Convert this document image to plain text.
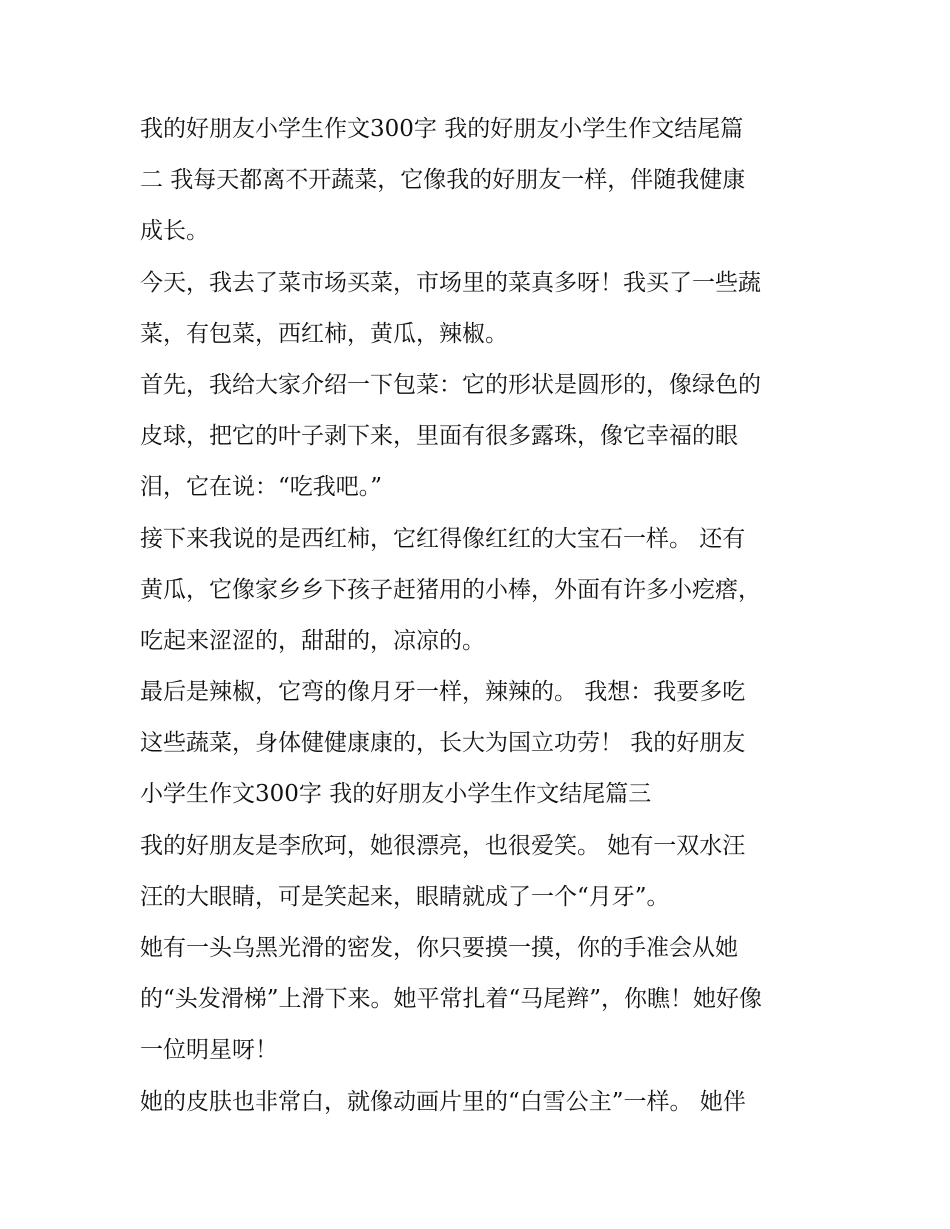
我的好朋友小学生作文300字 我的好朋友小学生作文结尾篇
二 我每天都离不开蔬菜，它像我的好朋友一样，伴随我健康
成长。
今天，我去了菜市场买菜，市场里的菜真多呀！我买了一些蔬
菜，有包菜，西红柿，黄瓜，辣椒。
首先，我给大家介绍一下包菜：它的形状是圆形的，像绿色的
皮球，把它的叶子剥下来，里面有很多露珠，像它幸福的眼
泪，它在说：“吃我吧。”
接下来我说的是西红柿，它红得像红红的大宝石一样。 还有
黄瓜，它像家乡乡下孩子赶猪用的小棒，外面有许多小疙瘩，
吃起来涩涩的，甜甜的，凉凉的。
最后是辣椒，它弯的像月牙一样，辣辣的。 我想：我要多吃
这些蔬菜，身体健健康康的，长大为国立功劳！ 我的好朋友
小学生作文300字 我的好朋友小学生作文结尾篇三
我的好朋友是李欣珂，她很漂亮，也很爱笑。 她有一双水汪
汪的大眼睛，可是笑起来，眼睛就成了一个“月牙”。
她有一头乌黑光滑的密发，你只要摸一摸，你的手准会从她
的“头发滑梯”上滑下来。她平常扎着“马尾辫”，你瞧！她好像
一位明星呀！
她的皮肤也非常白，就像动画片里的“白雪公主”一样。 她伴
